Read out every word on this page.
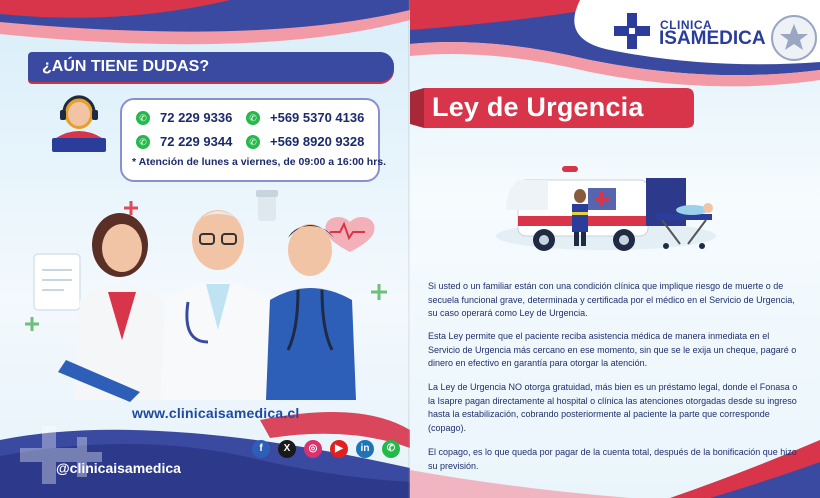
¿AÚN TIENE DUDAS?
✆ 72 229 9336	✆ +569 5370 4136
✆ 72 229 9344	✆ +569 8920 9328
* Atención de lunes a viernes, de 09:00 a 16:00 hrs.
www.clinicaisamedica.cl
f	X	◎	▶	in	✆
@clinicaisamedica
CLINICA
ISAMEDICA
Ley de Urgencia

Si usted o un familiar están con una condición clínica que implique riesgo de muerte o de secuela funcional grave, determinada y certificada por el médico en el Servicio de Urgencia, su caso operará como Ley de Urgencia.

Esta Ley permite que el paciente reciba asistencia médica de manera inmediata en el Servicio de Urgencia más cercano en ese momento, sin que se le exija un cheque, pagaré o dinero en efectivo en garantía para otorgar la atención.

La Ley de Urgencia NO otorga gratuidad, más bien es un préstamo legal, donde el Fonasa o la Isapre pagan directamente al hospital o clínica las atenciones otorgadas desde su ingreso hasta la estabilización, cobrando posteriormente al paciente la parte que corresponde (copago).

El copago, es lo que queda por pagar de la cuenta total, después de la bonificación que hizo su previsión.
